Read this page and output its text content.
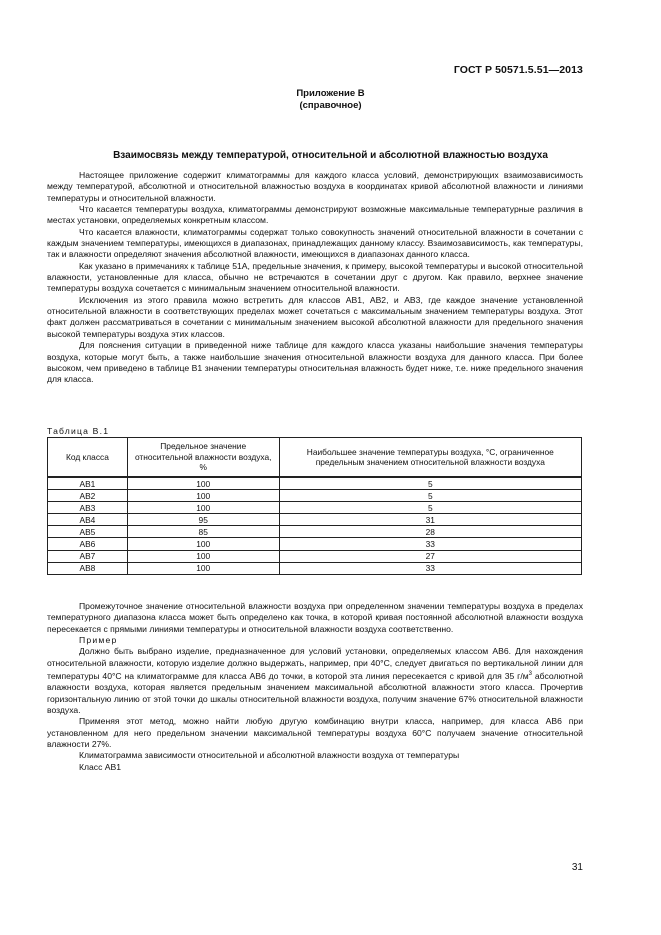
ГОСТ Р 50571.5.51—2013
Приложение В
(справочное)
Взаимосвязь между температурой, относительной и абсолютной влажностью воздуха

Настоящее приложение содержит климатограммы для каждого класса условий, демонстрирующих взаимозависимость между температурой, абсолютной и относительной влажностью воздуха в координатах кривой абсолютной влажности и линиями температуры и относительной влажности.

Что касается температуры воздуха, климатограммы демонстрируют возможные максимальные температурные различия в местах установки, определяемых конкретным классом.

Что касается влажности, климатограммы содержат только совокупность значений относительной влажности в сочетании с каждым значением температуры, имеющихся в диапазонах, принадлежащих данному классу. Взаимозависимость, как температуры, так и влажности определяют значения абсолютной влажности, имеющихся в диапазонах данного класса.

Как указано в примечаниях к таблице 51А, предельные значения, к примеру, высокой температуры и высокой относительной влажности, установленные для класса, обычно не встречаются в сочетании друг с другом. Как правило, верхнее значение температуры воздуха сочетается с минимальным значением относительной влажности.

Исключения из этого правила можно встретить для классов АВ1, АВ2, и АВ3, где каждое значение установленной относительной влажности в соответствующих пределах может сочетаться с максимальным значением температуры воздуха. Этот факт должен рассматриваться в сочетании с минимальным значением высокой абсолютной влажности для предельного значения высокой температуры воздуха этих классов.

Для пояснения ситуации в приведенной ниже таблице для каждого класса указаны наибольшие значения температуры воздуха, которые могут быть, а также наибольшие значения относительной влажности воздуха для данного класса. При более высоком, чем приведено в таблице В1 значении температуры относительная влажность будет ниже, т.е. ниже предельного значения для класса.

Таблица В.1
Код класса	Предельное значение относительной влажности воздуха, %	Наибольшее значение температуры воздуха, °С, ограниченное предельным значением относительной влажности воздуха
АВ1	100	5
АВ2	100	5
АВ3	100	5
АВ4	95	31
АВ5	85	28
АВ6	100	33
АВ7	100	27
АВ8	100	33

Промежуточное значение относительной влажности воздуха при определенном значении температуры воздуха в пределах температурного диапазона класса может быть определено как точка, в которой кривая постоянной абсолютной влажности воздуха пересекается с прямыми линиями температуры и относительной влажности воздуха соответственно.

Пример

Должно быть выбрано изделие, предназначенное для условий установки, определяемых классом АВ6. Для нахождения относительной влажности, которую изделие должно выдержать, например, при 40°С, следует двигаться по вертикальной линии для температуры 40°С на климатограмме для класса АВ6 до точки, в которой эта линия пересекается с кривой для 35 $г/м^3$ абсолютной влажности воздуха, которая является предельным значением максимальной абсолютной влажности этого класса. Прочертив горизонтальную линию от этой точки до шкалы относительной влажности воздуха, получим значение 67% относительной влажности воздуха.

Применяя этот метод, можно найти любую другую комбинацию внутри класса, например, для класса АВ6 при установленном для него предельном значении максимальной температуры воздуха 60°С получаем значение относительной влажности 27%.

Климатограмма зависимости относительной и абсолютной влажности воздуха от температуры

Класс АВ1

31
